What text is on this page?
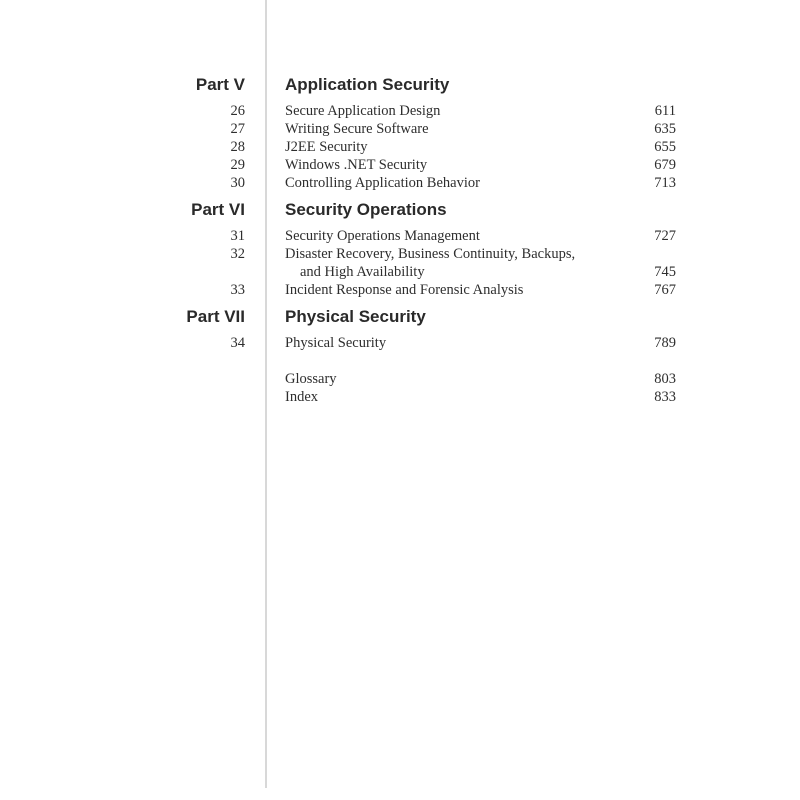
Part V Application Security
26	Secure Application Design	611
27	Writing Secure Software	635
28	J2EE Security	655
29	Windows .NET Security	679
30	Controlling Application Behavior	713
Part VI Security Operations
31	Security Operations Management	727
32	Disaster Recovery, Business Continuity, Backups,
and High Availability	745
33	Incident Response and Forensic Analysis	767
Part VII Physical Security
34	Physical Security	789
Glossary	803
Index	833
